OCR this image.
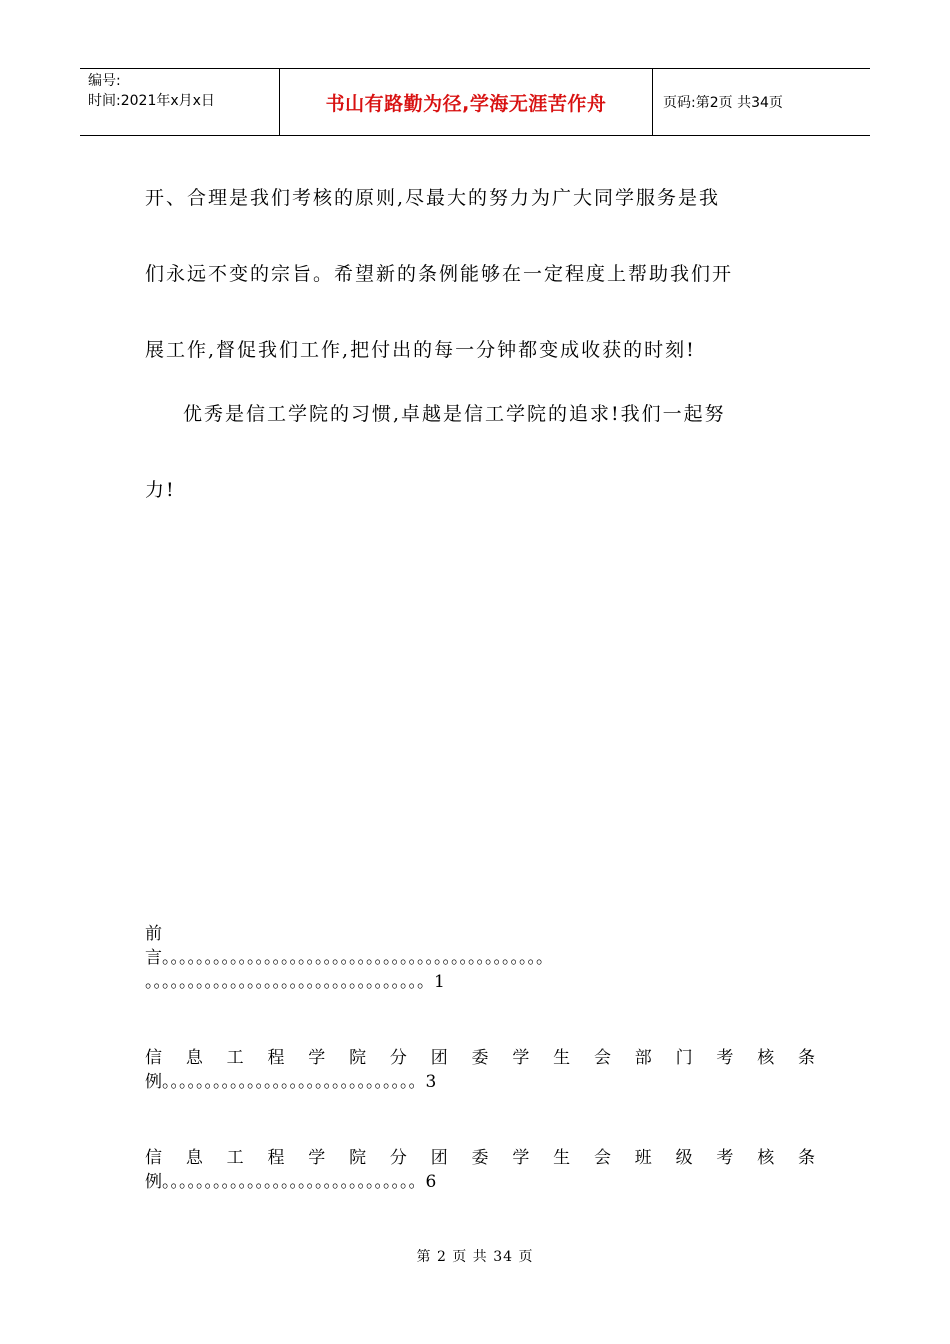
编号:
时间:2021年x月x日	书山有路勤为径,学海无涯苦作舟	页码:第2页 共34页

开、合理是我们考核的原则,尽最大的努力为广大同学服务是我

们永远不变的宗旨。希望新的条例能够在一定程度上帮助我们开

展工作,督促我们工作,把付出的每一分钟都变成收获的时刻!

优秀是信工学院的习惯,卓越是信工学院的追求!我们一起努

力!

前
言。。。。。。。。。。。。。。。。。。。。。。。。。。。。。。。。。。。。。。。。。。。。。
。。。。。。。。。。。。。。。。。。。。。。。。。。。。。。。。。1
信 息 工 程 学 院 分 团 委 学 生 会 部 门 考 核 条
例。。。。。。。。。。。。。。。。。。。。。。。。。。。。。。3
信 息 工 程 学 院 分 团 委 学 生 会 班 级 考 核 条
例。。。。。。。。。。。。。。。。。。。。。。。。。。。。。。6
第 2 页 共 34 页
